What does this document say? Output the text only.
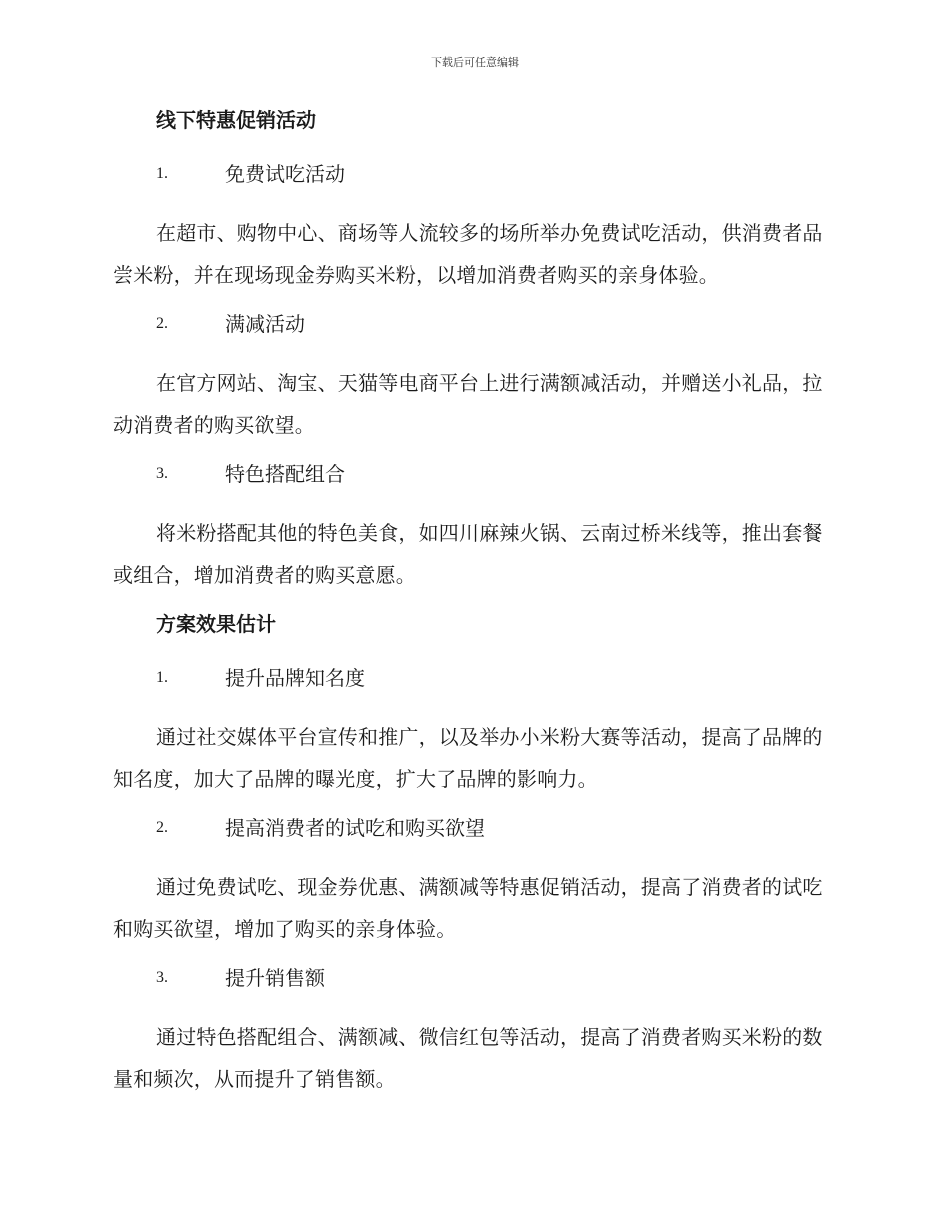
下载后可任意编辑
线下特惠促销活动
1.	免费试吃活动

在超市、购物中心、商场等人流较多的场所举办免费试吃活动，供消费者品尝米粉，并在现场现金券购买米粉，以增加消费者购买的亲身体验。

2.	满减活动

在官方网站、淘宝、天猫等电商平台上进行满额减活动，并赠送小礼品，拉动消费者的购买欲望。

3.	特色搭配组合

将米粉搭配其他的特色美食，如四川麻辣火锅、云南过桥米线等，推出套餐或组合，增加消费者的购买意愿。

方案效果估计
1.	提升品牌知名度

通过社交媒体平台宣传和推广，以及举办小米粉大赛等活动，提高了品牌的知名度，加大了品牌的曝光度，扩大了品牌的影响力。

2.	提高消费者的试吃和购买欲望

通过免费试吃、现金券优惠、满额减等特惠促销活动，提高了消费者的试吃和购买欲望，增加了购买的亲身体验。

3.	提升销售额

通过特色搭配组合、满额减、微信红包等活动，提高了消费者购买米粉的数量和频次，从而提升了销售额。
